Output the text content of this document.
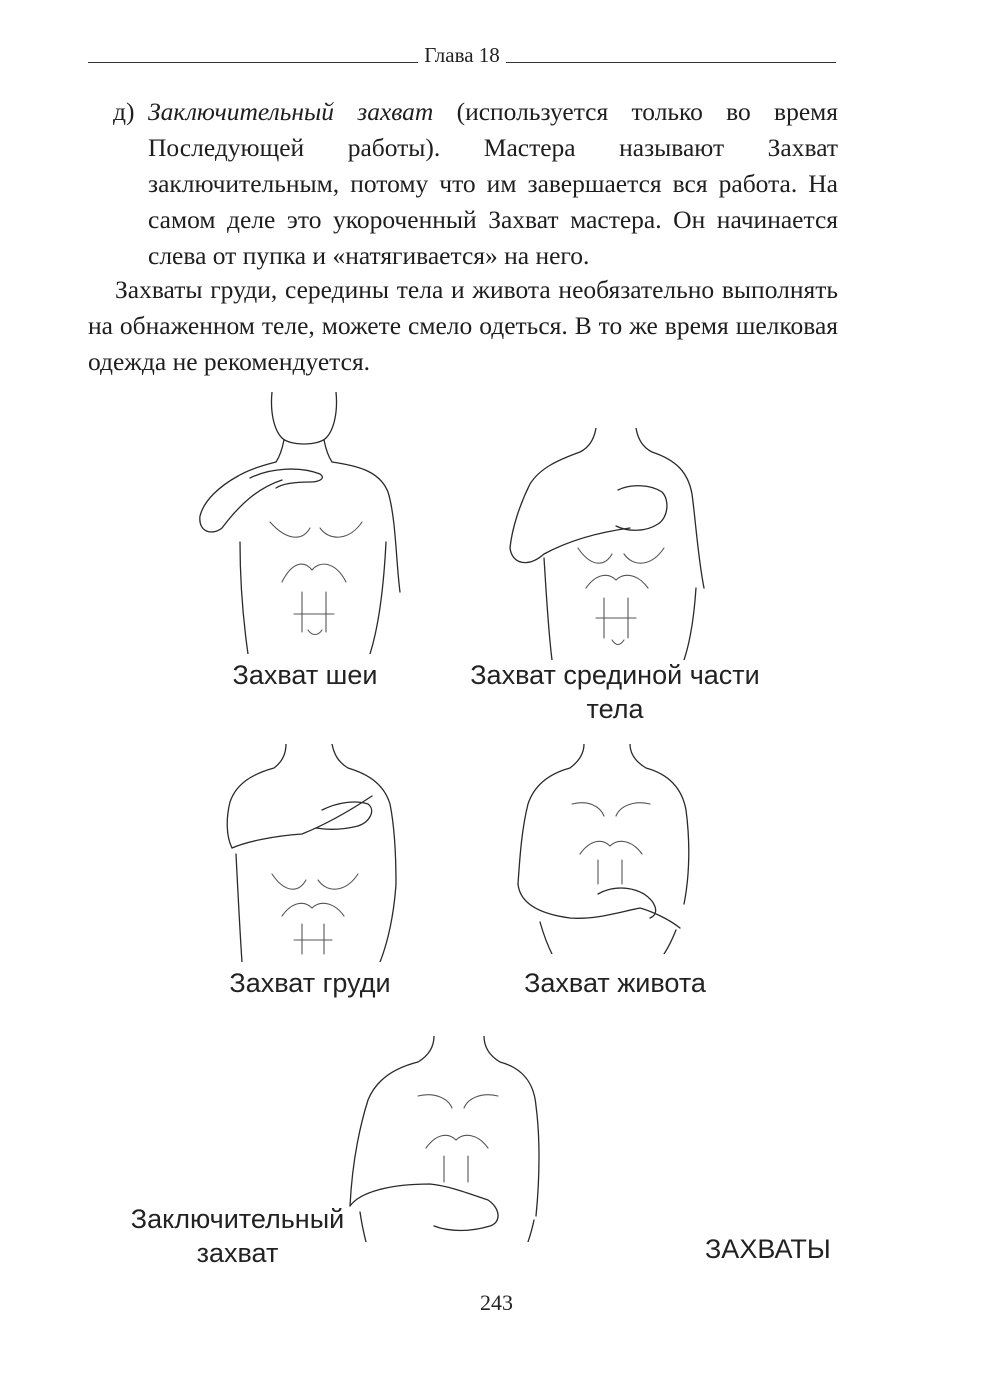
Глава 18
д) Заключительный захват (используется только во время Последующей работы). Мастера называют Захват заключительным, потому что им завершается вся работа. На самом деле это укороченный Захват мастера. Он начинается слева от пупка и «натягивается» на него.
Захваты груди, середины тела и живота необязательно выполнять на обнаженном теле, можете смело одеться. В то же время шелковая одежда не рекомендуется.
Захват шеи	Захват срединой части тела
Захват груди	Захват живота
Заключительный захват	ЗАХВАТЫ
243
